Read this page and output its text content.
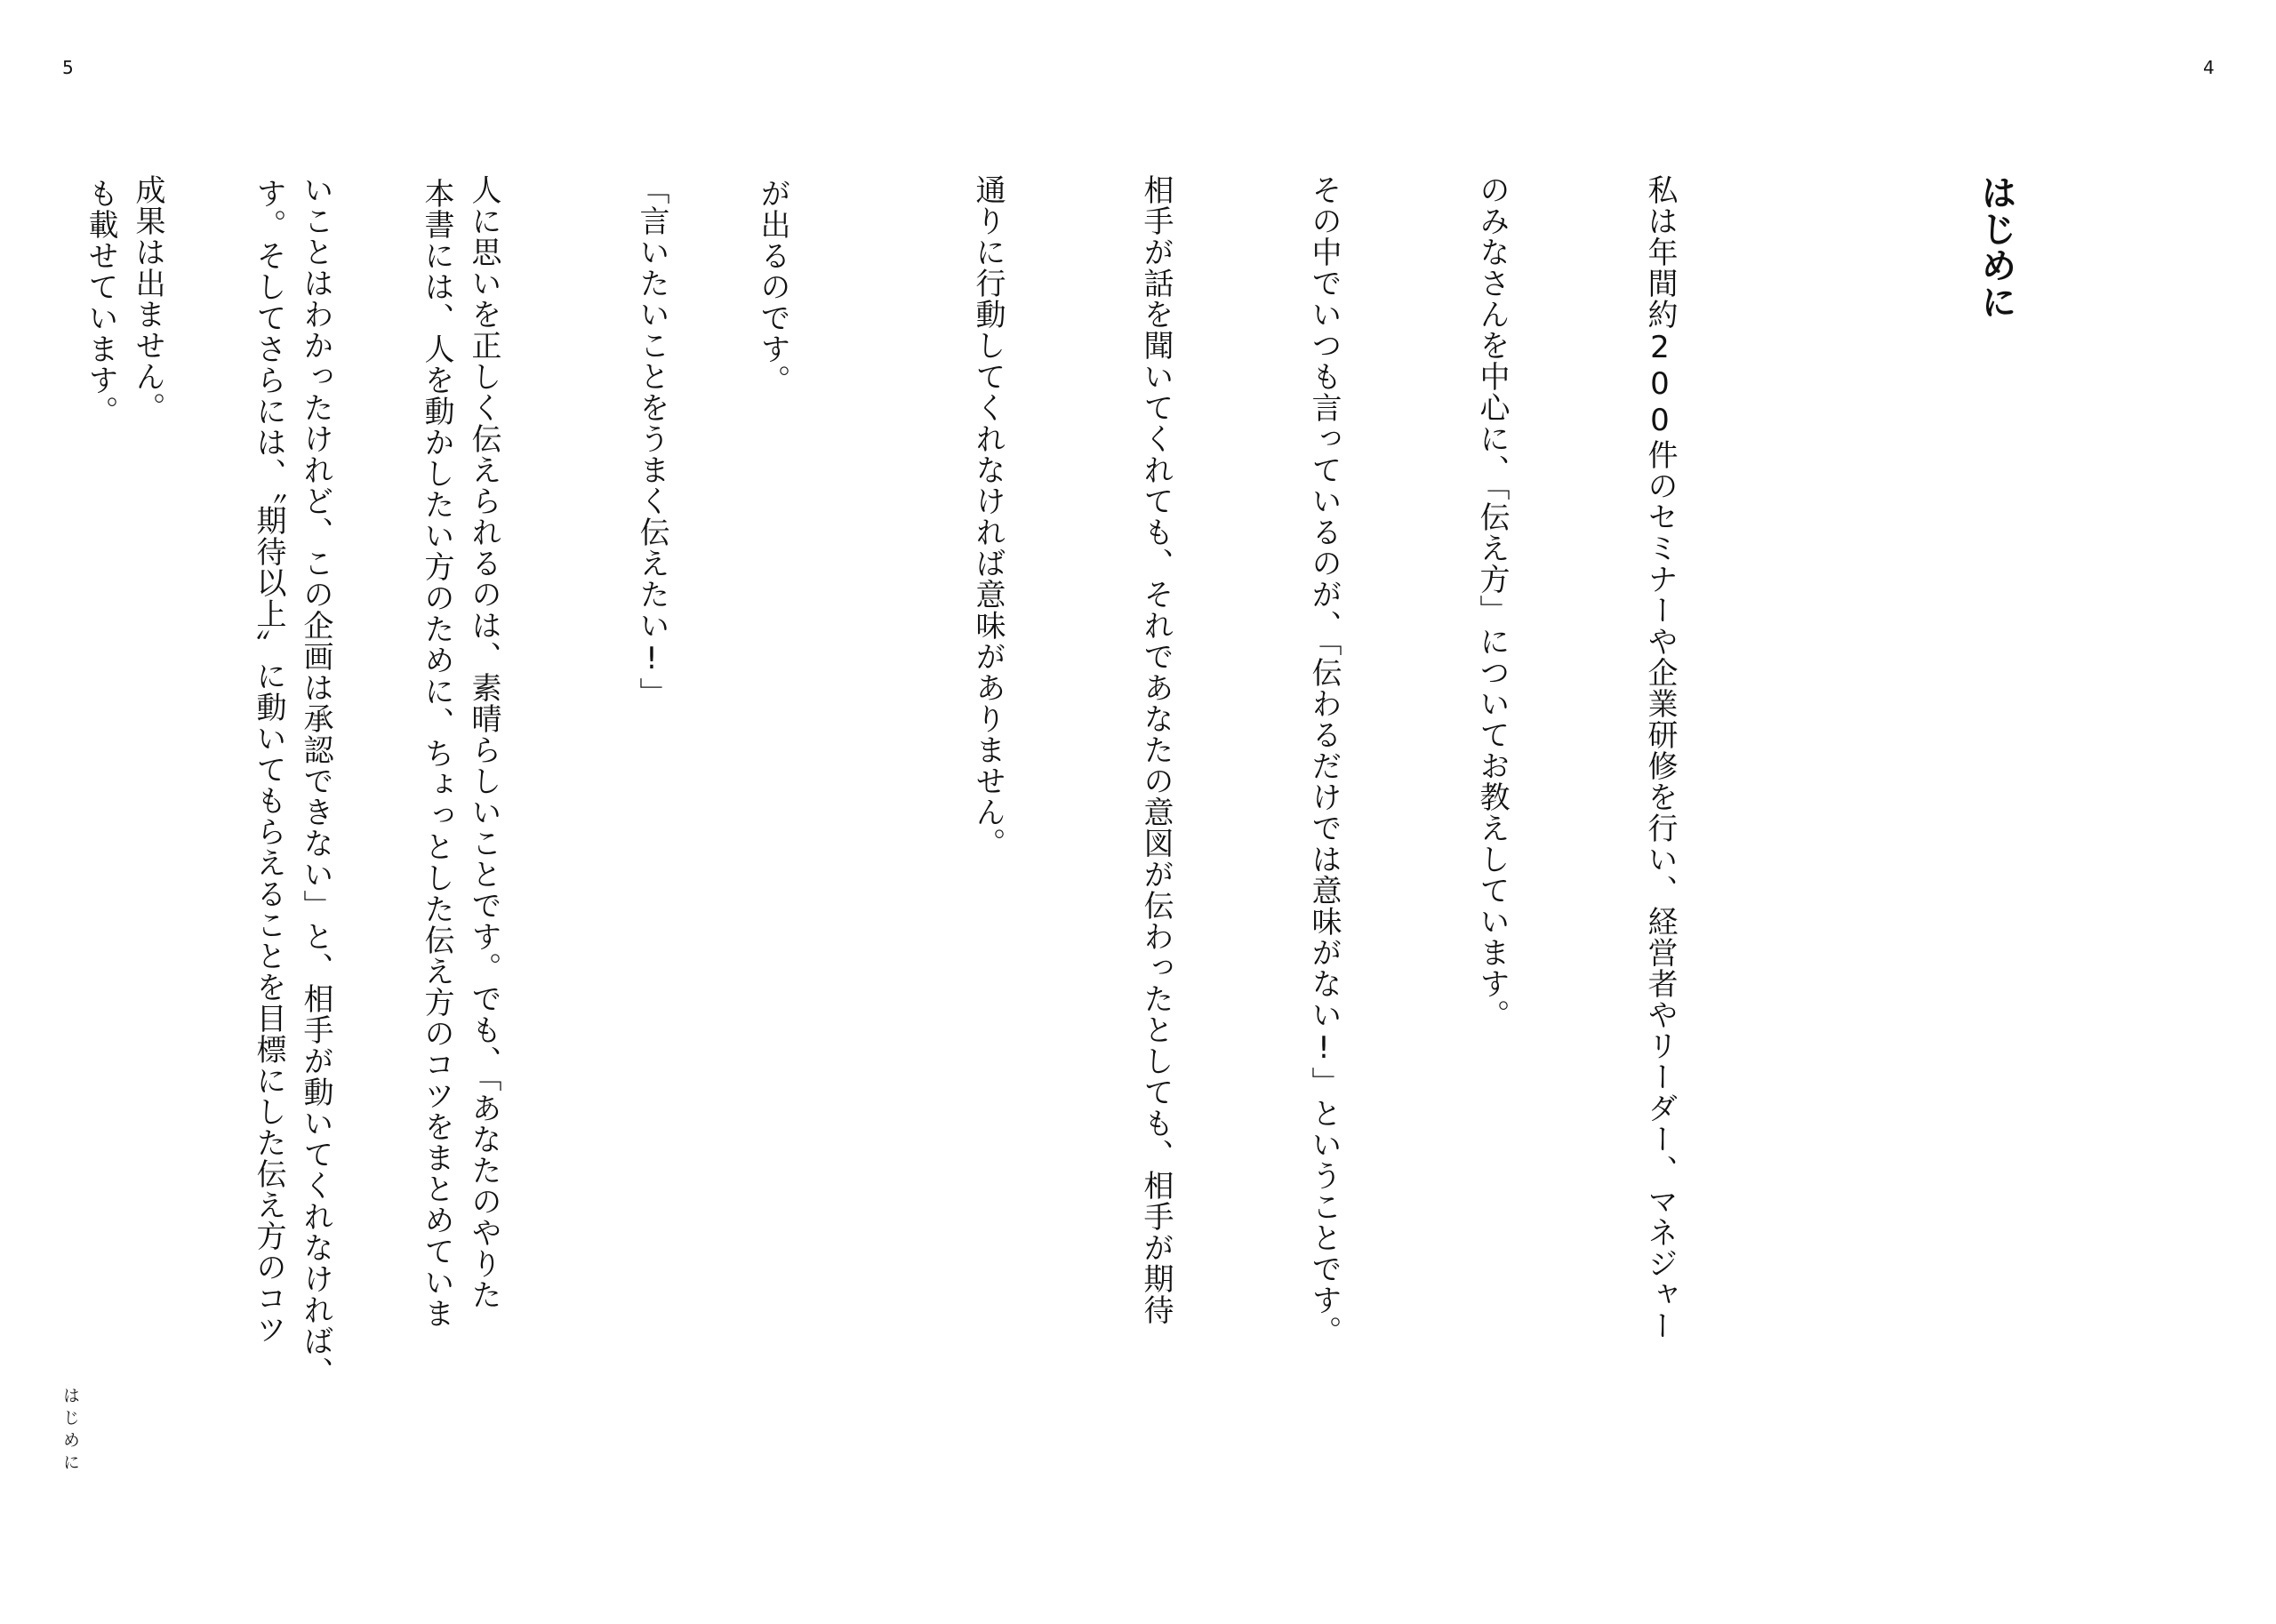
5	4

はじめに

私は年間約200件のセミナーや企業研修を行い、経営者やリーダー、マネジャー

のみなさんを中心に、「伝え方」についてお教えしています。

その中でいつも言っているのが、「伝わるだけでは意味がない!」ということです。

相手が話を聞いてくれても、それであなたの意図が伝わったとしても、相手が期待

通りに行動してくれなければ意味がありません。

「言いたいことをうまく伝えたい!」

人に思いを正しく伝えられるのは、素晴らしいことです。でも、「あなたのやりた

いことはわかったけれど、この企画は承認できない」と、相手が動いてくれなければ、

成果は出ません。

	が出るのです。

本書には、人を動かしたい方のために、ちょっとした伝え方のコツをまとめていま

す。そしてさらには、〝期待以上〟に動いてもらえることを目標にした伝え方のコツ

も載せています。

はじめに
